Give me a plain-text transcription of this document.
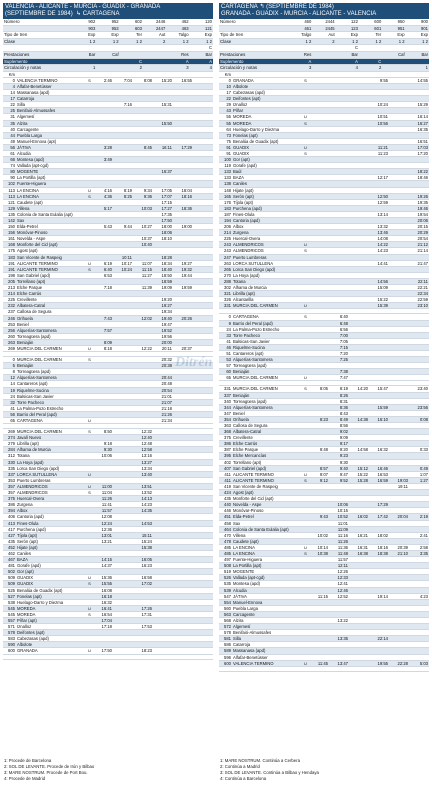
VALENCIA - ALICANTE - MURCIA - GUADIX - GRANADA
(SEPTIEMBRE DE 1984) ↳ CARTAGENA
Número	902	952	602	2446	462	120
	903	953	603	2447	463	121
Tipo de tren	Exp	Exp	Ter	Aut	Talgo	Exp
Clase	1 2	1 2	1 2	2	1 2	1 2
						C
Prestaciones	Bar	Caf			Res	Bar
Suplemento			C		A	A
Circulación y notas	1		2		3	4
Km								
0	VALENCIA TERMINO	S	2:46	7:04	8:08	15:20	16:55	
4	Alfafar-Benetússer							
14	Massanasa (apd)							
17	Catarroja							
22	Silla			7:16		15:31		
25	Benifaió-Almussafes							
31	Algemesí							
35	Alzira					15:50		
40	Carcagente							
44	Puebla Larga							
49	Manuel-Ennova (apt)							
56	JÁTIVA		3:28		8:45	16:11	17:29	
61	Alcudia							
66	Montesa (apd)		3:49					
74	Vallada (apt-cgd)							
80	MOGENTE					16:37		
90	La Portilla (apt)							
102	Fuente-Higuera							
113	LA ENCINA	U	4:16	8:19	9:34	17:05	18:04	
113	LA ENCINA	S	4:36	8:25	9:36	17:07	18:16	
121	Caudete (apt)					17:15		
129	Villena		5:17		10:03	17:27	18:36	
135	Colonia de Santa Eulalia (apt)					17:35		
142	Sax					17:50		
150	Elda-Petrel		5:43	9:44	10:27	18:00	19:00	
156	Monóvar-Pinoso					18:06		
161	Novelda - Aspe				10:37	18:10		
168	Monforte del Cid (apt)				10:40			
175	Agost (apt)							
183	San Vicente de Raspeig			10:11		18:28		
191	ALICANTE TERMINO	U	6:19	10:17	11:07	18:34	19:27	
191	ALICANTE TERMINO	S	6:40	10:24	11:15	18:40	19:32	
198	San Gabriel (apd)		6:53		11:27	18:50	19:44	
205	Torrellano (apt)					18:59		
213	Elche Parque		7:18		11:39	19:09	19:59	
214	Elche Carrús							
225	Crevillente					19:20		
232	Albatera-Catral					19:27		
237	Callosa de Segura					19:34		
246	Orihuela		7:43		12:02	19:40	20:26	
253	Beniel					19:47		
256	Alquerías-Santomera		7:57			19:52		
260	Torreagüera (apd)					19:56		
263	Beniaján		8:09			20:00		
269	MURCIA DEL CARMEN	U	8:18		12:22	20:11	20:37	

0	MURCIA DEL CARMEN	S				20:32		
5	Beniaján					20:38		
8	Torreagüera (apd)							
12	Alquerías-Santomera					20:44		
14	Cantareros (apt)					20:48		
19	Riquelme-Sucina					20:54		
24	Balsicas-San Javier					21:01		
32	Torre Pacheco					21:07		
41	La Palma-Pozo Estrecho					21:18		
56	Barrio del Peral (apd)					21:26		
65	CARTAGENA	U				21:34		

269	MURCIA DEL CARMEN	S	8:50		12:32			
274	Javalí Nuevo				12:40			
279	Librilla (apt)		9:18		12:48			
284	Alhama de Murcia		9:30		12:58			
312	Totana		10:06		13:16			
330	La Hoya (apd)				13:27			
335	Lorca San Diego (apd)				13:34			
337	LORCA SUTULLENA	U			13:40			
353	Puerto Lumbreras							
357	ALMENDRICOS	U	11:00		13:51			
357	ALMENDRICOS	S	11:04		13:52			
375	Huercal-Overa		11:26		14:13			
386	Zurgena		11:41		14:23			
394	Albox		11:57		14:35			
406	Cantoria (apd)		12:08					
413	Fines-Olula		12:24		14:53			
417	Purchena (apd)		12:36					
427	Tíjola (apt)		13:01		15:11			
435	Serón (apt)		13:21		15:24			
452	Hijate (apt)				15:38			
462	Caniles							
467	BAZA		14:15		16:05			
481	Gorafe (apd)		14:37		16:23			
502	Gor (apt)							
509	GUADIX	U	15:36		16:58			
509	GUADIX	S	15:55		17:02			
525	Benalúa de Guadix (apt)		16:08					
527	Fonelas (apt)		16:18					
538	Huelago-Darro y Diezma		16:32					
545	MOREDA	U	16:41		17:26			
545	MOREDA	S	16:54		17:31			
557	Píñar (apt)		17:04					
571	Iznalloz		17:18		17:53			
578	Deifontes (apt)							
583	Cabezasas (apd)							
590	Albolote							
600	GRANADA	U	17:50		18:23			

CARTAGENA ↰ (SEPTIEMBRE DE 1984)
GRANADA - GUADIX - MURCIA - ALICANTE - VALENCIA
Número	460	2444	122	600	950	900
	461	2445	123	601	951	901
Tipo de tren	Talgo	Aut	Exp	Ter	Exp	Exp
Clase	1 2	2	1 2	1 2	1 2	1 2
			C			
Prestaciones	Res		Bar		Caf	Bar
Suplemento	A		A	C		
Circulación y notas	3		4	2		1
Km								
0	GRANADA	S				9:55		14:55
10	Albolote							
17	Cabezasas (apd)							
22	Deifontes (apt)							
29	Iznalloz					10:24		15:29
43	Píñar							
55	MOREDA	U				10:51		16:14
55	MOREDA	S				10:56		16:27
64	Huelago-Darro y Diezma							16:35
73	Fonelas (apt)							
75	Benalúa de Guadix (apt)							16:51
91	GUADIX	U				11:21		17:03
91	GUADIX	S				11:23		17:20
100	Gor (apt)							
119	Gorafe (apd)							
133	Baúl							18:22
133	BAZA					12:17		18:46
138	Caniles							
148	Hijate (apt)							
165	Serón (apt)					12:50		19:26
176	Tíjola (apt)					12:59		19:35
183	Purchena (apd)							19:46
187	Fines-Olula					13:14		19:54
194	Cantoria (apd)							20:06
206	Albox					13:32		20:15
214	Zurgena					13:46		20:29
225	Huercal-Overa					14:08		20:54
243	ALMENDRICOS	U				14:22		21:12
243	ALMENDRICOS	S				14:23		21:14
247	Puerto Lumbreras							
263	LORCA SUTULLENA					14:41		21:47
265	Lorca San Diego (apd)							
270	La Hoya (apd)							
288	Totana					14:56		22:11
302	Alhama de Murcia					15:09		22:21
321	Librilla (apt)							22:34
326	Alcantarilla					15:22		22:59
331	MURCIA DEL CARMEN	U				15:39		23:10

0	CARTAGENA	S		6:40				
9	Barrio del Peral (apd)			6:48				
24	La Palma-Pozo Estrecho			6:56				
33	Torre Pacheco			7:00				
41	Balsicas-San Javier			7:05				
46	Riquelme-Sucina			7:15				
51	Cantareros (apt)			7:20				
53	Alquerías-Santomera			7:25				
57	Torreagüera (apd)							
60	Beniaján			7:38				
65	MURCIA DEL CARMEN	U		7:47				

331	MURCIA DEL CARMEN	S	8:05	8:19	14:20	15:47		23:40
337	Beniaján			8:26				
340	Torreagüera (apd)			8:31				
344	Alquerías-Santomera			8:36		15:59		23:56
347	Beniel			8:43				
354	Orihuela		8:23	8:49	14:38	16:10		0:08
363	Callosa de Segura			8:56				
368	Albatera-Catral			9:02				
375	Crevillente			9:09				
386	Elche Carrús			9:17				
387	Elche Parque		8:48	9:20	14:58	16:32		0:33
395	Elche Mercancías			9:23				
402	Torrellano (apt)			9:30				
407	San Gabriel (apd)		8:57	9:40	15:12	16:46		0:49
411	ALICANTE TERMINO	U	9:07	9:47	15:22	16:53		1:07
411	ALICANTE TERMINO	S	9:12	9:52	15:28	16:59	19:03	1:27
419	San Vicente de Raspeig						19:11	
424	Agost (apt)							
435	Monforte del Cid (apt)							
440	Novelda - Aspe			10:06		17:29		
446	Monóvar-Pinoso			10:15				
451	Elda-Petrel		9:43	10:52	16:02	17:42	20:04	2:19
458	Sax			11:01				
464	Colonia de Santa Eulalia (apt)			11:09				
470	Villena		10:02	11:16	16:21	18:02		2:41
478	Caudete (apt)			11:26				
485	LA ENCINA	U	10:14	11:36	16:31	18:16	20:39	2:58
485	LA ENCINA	S	10:38	11:48	16:38	18:38	21:10	3:35
497	Fuente-Higuera			11:57				
508	La Portilla (apt)			12:11				
519	MOGENTE			12:26				
526	Vallada (apt-cgd)			12:33				
535	Montesa (apd)			12:41				
539	Alcudia			12:46				
547	JÁTIVA		11:15	12:52		19:14		4:23
554	Manuel-Ennova							
560	Puebla Larga							
563	Carcagente							
568	Alzira			13:22				
572	Algemesí							
578	Benifaió-Almussafes							
581	Silla			13:35		22:14		
586	Catarroja							
589	Massanasa (apd)							
596	Alfafar-Benetússer							
600	VALENCIA TERMINO	U	11:45	13:47		19:55	22:28	5:03

Ditrén
1: Procede de Barcelona
2: SOL DE LEVANTE. Procede de Irún y Bilbao
3: MARE NOSTRUM. Procede de Port Bou.
4: Procede de Madrid
1: MARE NOSTRUM. Continúa a Cerbera
2: Continúa a Madrid
3: SOL DE LEVANTE. Continúa a Bilbao y Hendaya
4: Continúa a Barcelona
